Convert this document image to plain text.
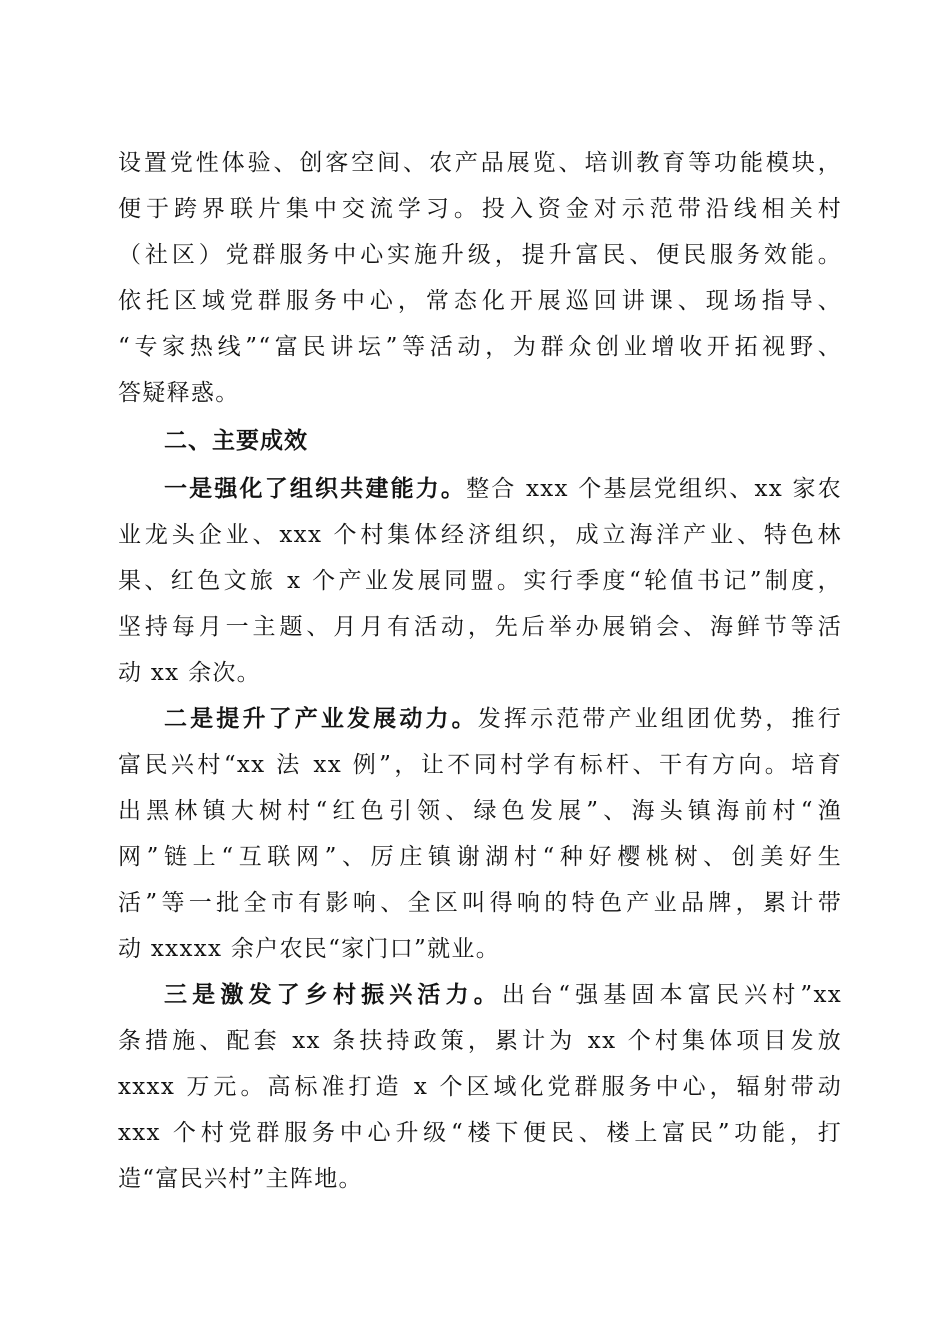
设置党性体验、创客空间、农产品展览、培训教育等功能模块，
便于跨界联片集中交流学习。投入资金对示范带沿线相关村
（社区）党群服务中心实施升级，提升富民、便民服务效能。
依托区域党群服务中心，常态化开展巡回讲课、现场指导、
“专家热线”“富民讲坛”等活动，为群众创业增收开拓视野、
答疑释惑。
二、主要成效
一是强化了组织共建能力。整合 xxx 个基层党组织、xx 家农
业龙头企业、xxx 个村集体经济组织，成立海洋产业、特色林
果、红色文旅 x 个产业发展同盟。实行季度“轮值书记”制度，
坚持每月一主题、月月有活动，先后举办展销会、海鲜节等活
动 xx 余次。
二是提升了产业发展动力。发挥示范带产业组团优势，推行
富民兴村“xx 法 xx 例”，让不同村学有标杆、干有方向。培育
出黑林镇大树村“红色引领、绿色发展”、海头镇海前村“渔
网”链上“互联网”、厉庄镇谢湖村“种好樱桃树、创美好生
活”等一批全市有影响、全区叫得响的特色产业品牌，累计带
动 xxxxx 余户农民“家门口”就业。
三是激发了乡村振兴活力。出台“强基固本富民兴村”xx
条措施、配套 xx 条扶持政策，累计为 xx 个村集体项目发放
xxxx 万元。高标准打造 x 个区域化党群服务中心，辐射带动
xxx 个村党群服务中心升级“楼下便民、楼上富民”功能，打
造“富民兴村”主阵地。
